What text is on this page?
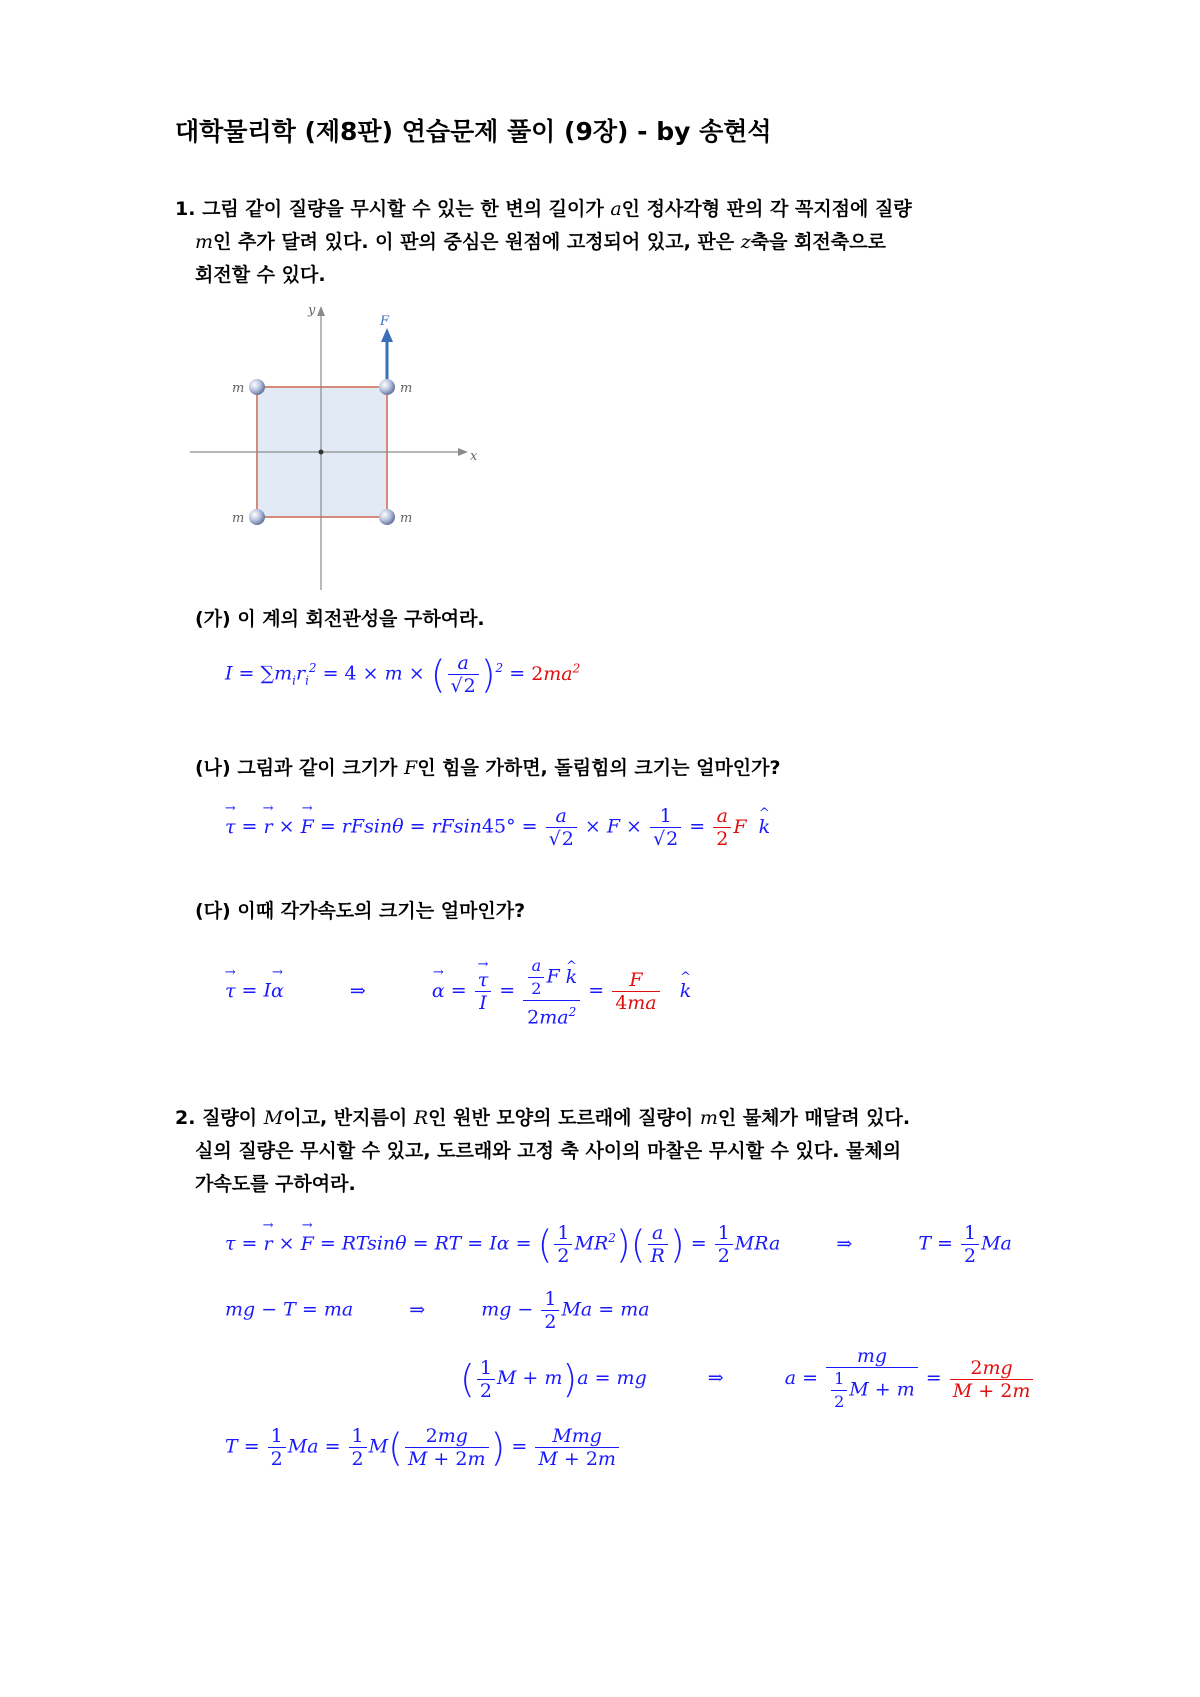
대학물리학 (제8판) 연습문제 풀이 (9장) - by 송현석
1. 그림 같이 질량을 무시할 수 있는 한 변의 길이가 a인 정사각형 판의 각 꼭지점에 질량
m인 추가 달려 있다. 이 판의 중심은 원점에 고정되어 있고, 판은 z축을 회전축으로
회전할 수 있다.
x
y
F
m	m
m	m
(가) 이 계의 회전관성을 구하여라.
$I = \sum m_ir_i^2 = 4 \times m$ × ( $\frac{a}{√2} )^2 = 2ma^2$
(나) 그림과 같이 크기가 F인 힘을 가하면, 돌림힘의 크기는 얼마인가?
→ τ = → r × → $F = rFsin\theta = rFsin45^\circ = \frac{a}{√2} \times F \times \frac{1}{√2} = \frac{a}{2}$ F ^ k
(다) 이때 각가속도의 크기는 얼마인가?
→ τ = I→ α	⇒	→ α = → $\frac{\tau}{I} = \frac{\frac{a}{2} F \^{} k}{2ma^2} = \frac{F}{4ma}$ ^ k
2. 질량이 M이고, 반지름이 R인 원반 모양의 도르래에 질량이 m인 물체가 매달려 있다.
실의 질량은 무시할 수 있고, 도르래와 고정 축 사이의 마찰은 무시할 수 있다. 물체의
가속도를 구하여라.
τ = → r × → F = RTsinθ = RT = Iα = ( $\frac{1}{2} MR^2)( \frac{a}{R}$ ) = $\frac{1}{2}$ MRa	⇒	$T = \frac{1}{2}$ Ma
mg − T = ma	⇒	mg − $\frac{1}{2}$ Ma = ma
( $\frac{1}{2}$ M + m)a = mg	⇒	$a = \frac{mg}{\frac{1}{2} M + m} = \frac{2mg}{M + 2m}$
$T = \frac{1}{2}$ $Ma = \frac{1}{2} M( \frac{2mg}{M + 2m}$ ) = $\frac{\text{Mmg}}{M + 2m}$
